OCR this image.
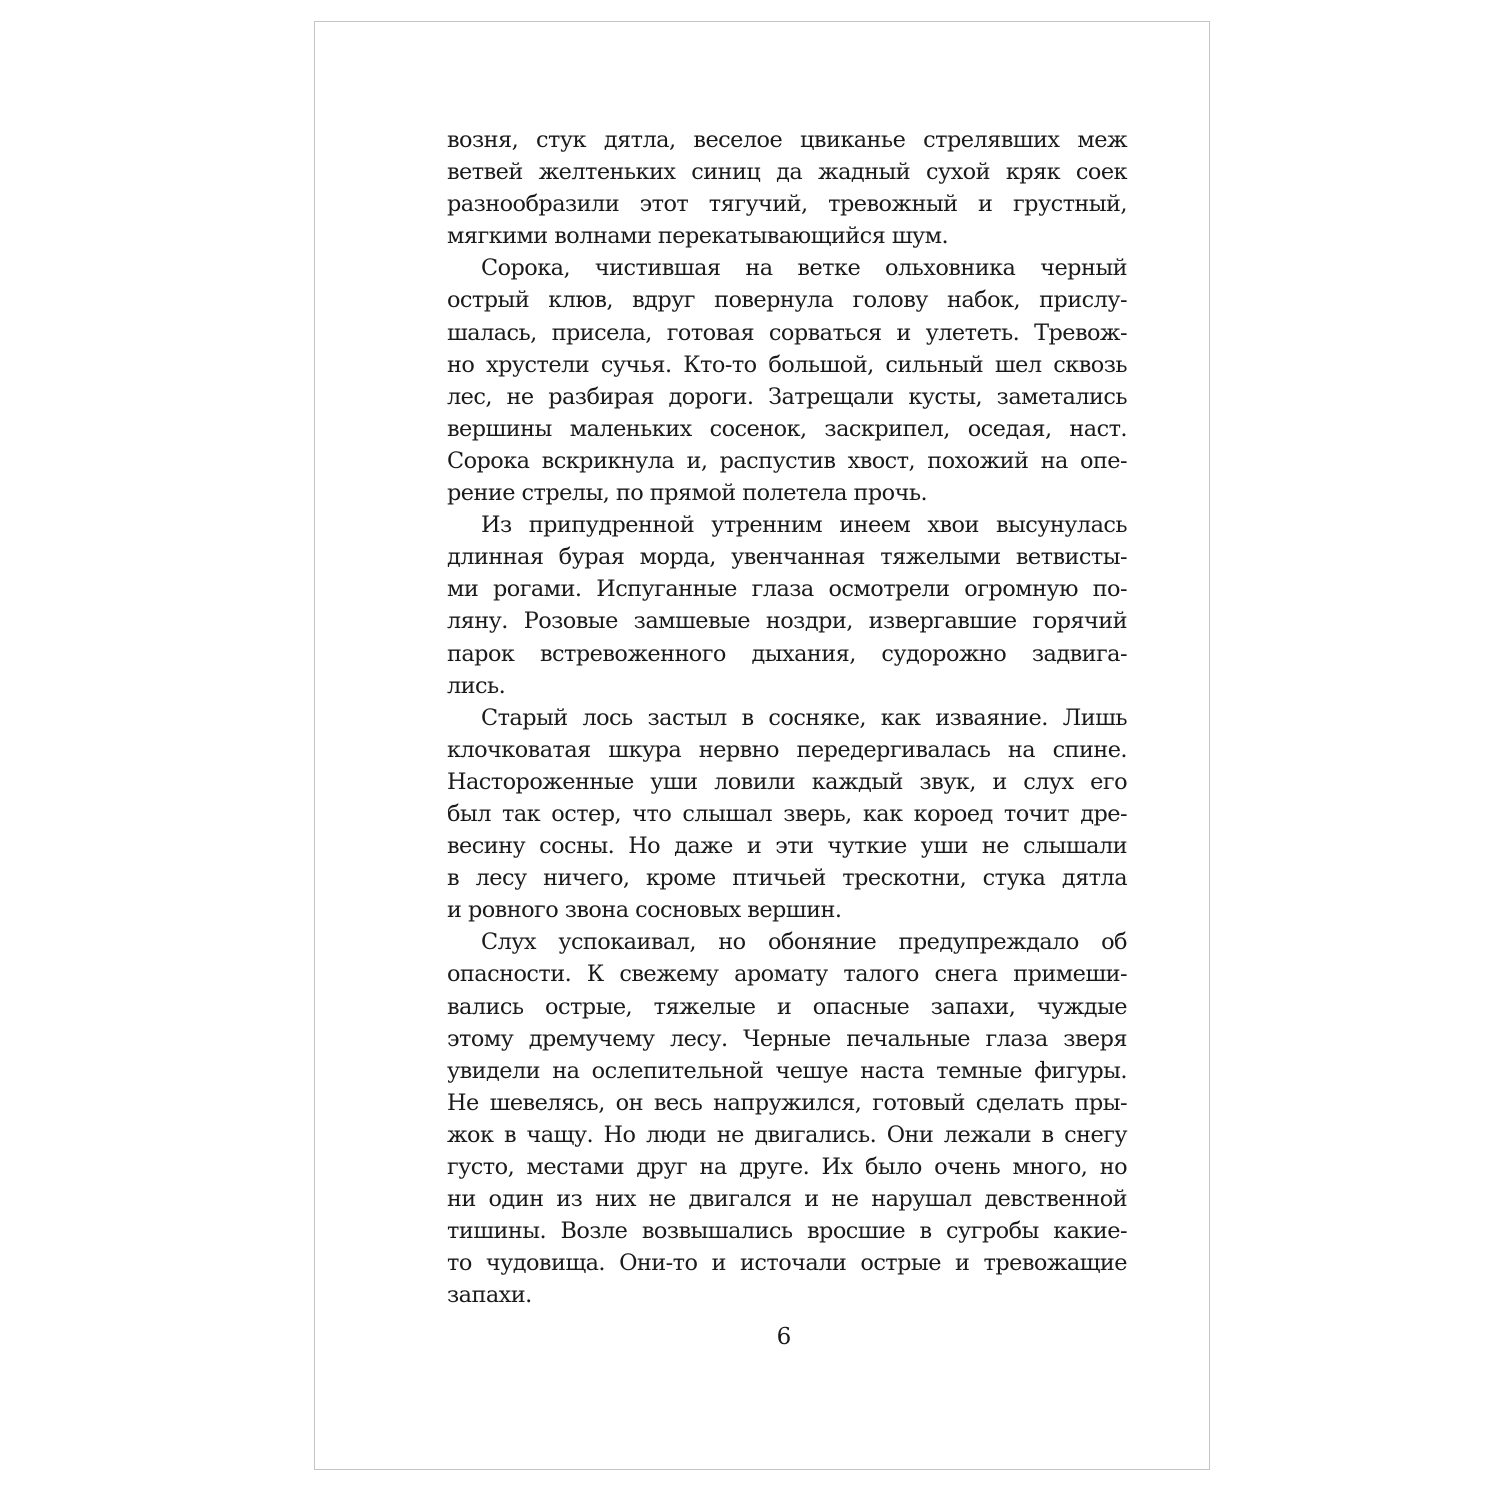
возня, стук дятла, веселое цвиканье стрелявших меж
ветвей желтеньких синиц да жадный сухой кряк соек
разнообразили этот тягучий, тревожный и грустный,
мягкими волнами перекатывающийся шум.
Сорока, чистившая на ветке ольховника черный
острый клюв, вдруг повернула голову набок, прислу-
шалась, присела, готовая сорваться и улететь. Тревож-
но хрустели сучья. Кто-то большой, сильный шел сквозь
лес, не разбирая дороги. Затрещали кусты, заметались
вершины маленьких сосенок, заскрипел, оседая, наст.
Сорока вскрикнула и, распустив хвост, похожий на опе-
рение стрелы, по прямой полетела прочь.
Из припудренной утренним инеем хвои высунулась
длинная бурая морда, увенчанная тяжелыми ветвисты-
ми рогами. Испуганные глаза осмотрели огромную по-
ляну. Розовые замшевые ноздри, извергавшие горячий
парок встревоженного дыхания, судорожно задвига-
лись.
Старый лось застыл в сосняке, как изваяние. Лишь
клочковатая шкура нервно передергивалась на спине.
Настороженные уши ловили каждый звук, и слух его
был так остер, что слышал зверь, как короед точит дре-
весину сосны. Но даже и эти чуткие уши не слышали
в лесу ничего, кроме птичьей трескотни, стука дятла
и ровного звона сосновых вершин.
Слух успокаивал, но обоняние предупреждало об
опасности. К свежему аромату талого снега примеши-
вались острые, тяжелые и опасные запахи, чуждые
этому дремучему лесу. Черные печальные глаза зверя
увидели на ослепительной чешуе наста темные фигуры.
Не шевелясь, он весь напружился, готовый сделать пры-
жок в чащу. Но люди не двигались. Они лежали в снегу
густо, местами друг на друге. Их было очень много, но
ни один из них не двигался и не нарушал девственной
тишины. Возле возвышались вросшие в сугробы какие-
то чудовища. Они-то и источали острые и тревожащие
запахи.
6
